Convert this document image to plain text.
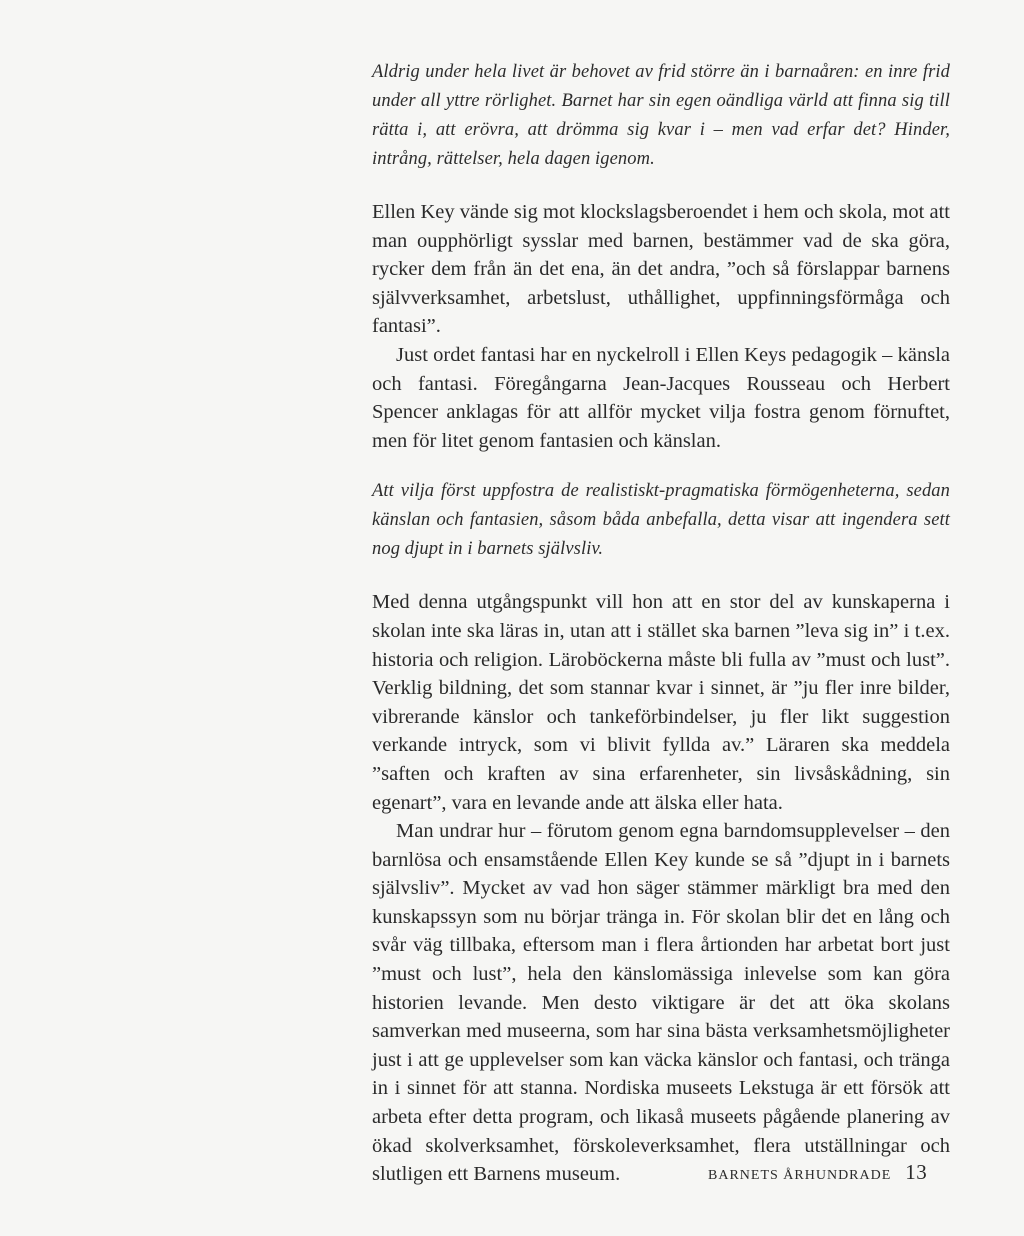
Aldrig under hela livet är behovet av frid större än i barnaåren: en inre frid under all yttre rörlighet. Barnet har sin egen oändliga värld att finna sig till rätta i, att erövra, att drömma sig kvar i – men vad erfar det? Hinder, intrång, rättelser, hela dagen igenom.

Ellen Key vände sig mot klockslagsberoendet i hem och skola, mot att man oupphörligt sysslar med barnen, bestämmer vad de ska göra, rycker dem från än det ena, än det andra, ”och så förslappar barnens självverksamhet, arbetslust, uthållighet, uppfinningsförmåga och fantasi”.

Just ordet fantasi har en nyckelroll i Ellen Keys pedagogik – känsla och fantasi. Föregångarna Jean-Jacques Rousseau och Herbert Spencer anklagas för att allför mycket vilja fostra genom förnuftet, men för litet genom fantasien och känslan.

Att vilja först uppfostra de realistiskt-pragmatiska förmögenheterna, sedan känslan och fantasien, såsom båda anbefalla, detta visar att ingendera sett nog djupt in i barnets självsliv.

Med denna utgångspunkt vill hon att en stor del av kunskaperna i skolan inte ska läras in, utan att i stället ska barnen ”leva sig in” i t.ex. historia och religion. Läroböckerna måste bli fulla av ”must och lust”. Verklig bildning, det som stannar kvar i sinnet, är ”ju fler inre bilder, vibrerande känslor och tankeförbindelser, ju fler likt suggestion verkande intryck, som vi blivit fyllda av.” Läraren ska meddela ”saften och kraften av sina erfarenheter, sin livsåskådning, sin egenart”, vara en levande ande att älska eller hata.

Man undrar hur – förutom genom egna barndomsupplevelser – den barnlösa och ensamstående Ellen Key kunde se så ”djupt in i barnets självsliv”. Mycket av vad hon säger stämmer märkligt bra med den kunskapssyn som nu börjar tränga in. För skolan blir det en lång och svår väg tillbaka, eftersom man i flera årtionden har arbetat bort just ”must och lust”, hela den känslomässiga inlevelse som kan göra historien levande. Men desto viktigare är det att öka skolans samverkan med museerna, som har sina bästa verksamhetsmöjligheter just i att ge upplevelser som kan väcka känslor och fantasi, och tränga in i sinnet för att stanna. Nordiska museets Lekstuga är ett försök att arbeta efter detta program, och likaså museets pågående planering av ökad skolverksamhet, förskoleverksamhet, flera utställningar och slutligen ett Barnens museum.	BARNETS ÅRHUNDRADE 13
